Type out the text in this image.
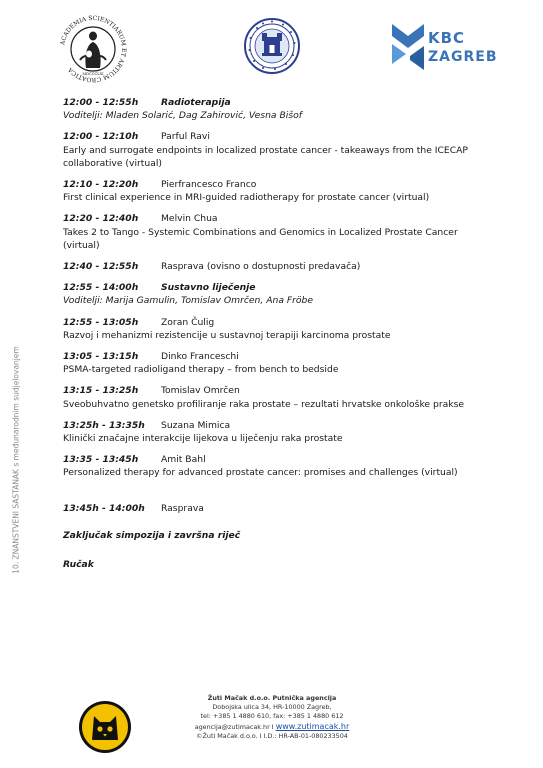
ACADEMIA SCIENTIARUM ET ARTIUM CROATICA	MDCCCLXI
KBC
ZAGREB
10. ZNANSTVENI SASTANAK s međunarodnim sudjelovanjem
12:00 - 12:55h Radioterapija
Voditelji: Mladen Solarić, Dag Zahirović, Vesna Bišof
12:00 - 12:10h Parful Ravi
Early and surrogate endpoints in localized prostate cancer - takeaways from the ICECAP collaborative (virtual)
12:10 - 12:20h Pierfrancesco Franco
First clinical experience in MRI-guided radiotherapy for prostate cancer (virtual)
12:20 - 12:40h Melvin Chua
Takes 2 to Tango - Systemic Combinations and Genomics in Localized Prostate Cancer (virtual)
12:40 - 12:55h Rasprava (ovisno o dostupnosti predavača)
12:55 - 14:00h Sustavno liječenje
Voditelji: Marija Gamulin, Tomislav Omrčen, Ana Fröbe
12:55 - 13:05h Zoran Čulig
Razvoj i mehanizmi rezistencije u sustavnoj terapiji karcinoma prostate
13:05 - 13:15h Dinko Franceschi
PSMA-targeted radioligand therapy – from bench to bedside
13:15 - 13:25h Tomislav Omrčen
Sveobuhvatno genetsko profiliranje raka prostate – rezultati hrvatske onkološke prakse
13:25h - 13:35h Suzana Mimica
Klinički značajne interakcije lijekova u liječenju raka prostate
13:35 - 13:45h Amit Bahl
Personalized therapy for advanced prostate cancer: promises and challenges (virtual)
13:45h - 14:00h Rasprava
Zaključak simpozija i završna riječ
Ručak
Žuti Mačak d.o.o. Putnička agencija
Dobojska ulica 34, HR-10000 Zagreb,
tel: +385 1 4880 610, fax: +385 1 4880 612
agencija@zutimacak.hr I www.zutimacak.hr
©Žuti Mačak d.o.o. I I.D.: HR-AB-01-080233504
